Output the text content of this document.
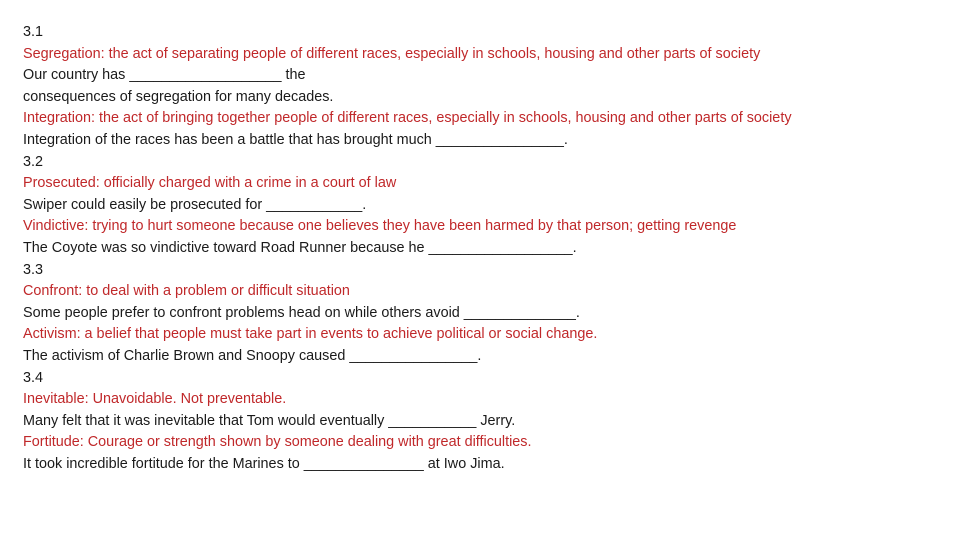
3.1
Segregation: the act of separating people of different races, especially in schools, housing and other parts of society
Our country has ___________________ the
consequences of segregation for many decades.
Integration: the act of bringing together people of different races, especially in schools, housing and other parts of society
Integration of the races has been a battle that has brought much ________________.
3.2
Prosecuted: officially charged with a crime in a court of law
Swiper could easily be prosecuted for ____________.
Vindictive: trying to hurt someone because one believes they have been harmed by that person; getting revenge
The Coyote was so vindictive toward Road Runner because he __________________.
3.3
Confront: to deal with a problem or difficult situation
Some people prefer to confront problems head on while others avoid ______________.
Activism: a belief that people must take part in events to achieve political or social change.
The activism of Charlie Brown and Snoopy caused ________________.
3.4
Inevitable: Unavoidable. Not preventable.
Many felt that it was inevitable that Tom would eventually ___________ Jerry.
Fortitude: Courage or strength shown by someone dealing with great difficulties.
It took incredible fortitude for the Marines to _______________ at Iwo Jima.
